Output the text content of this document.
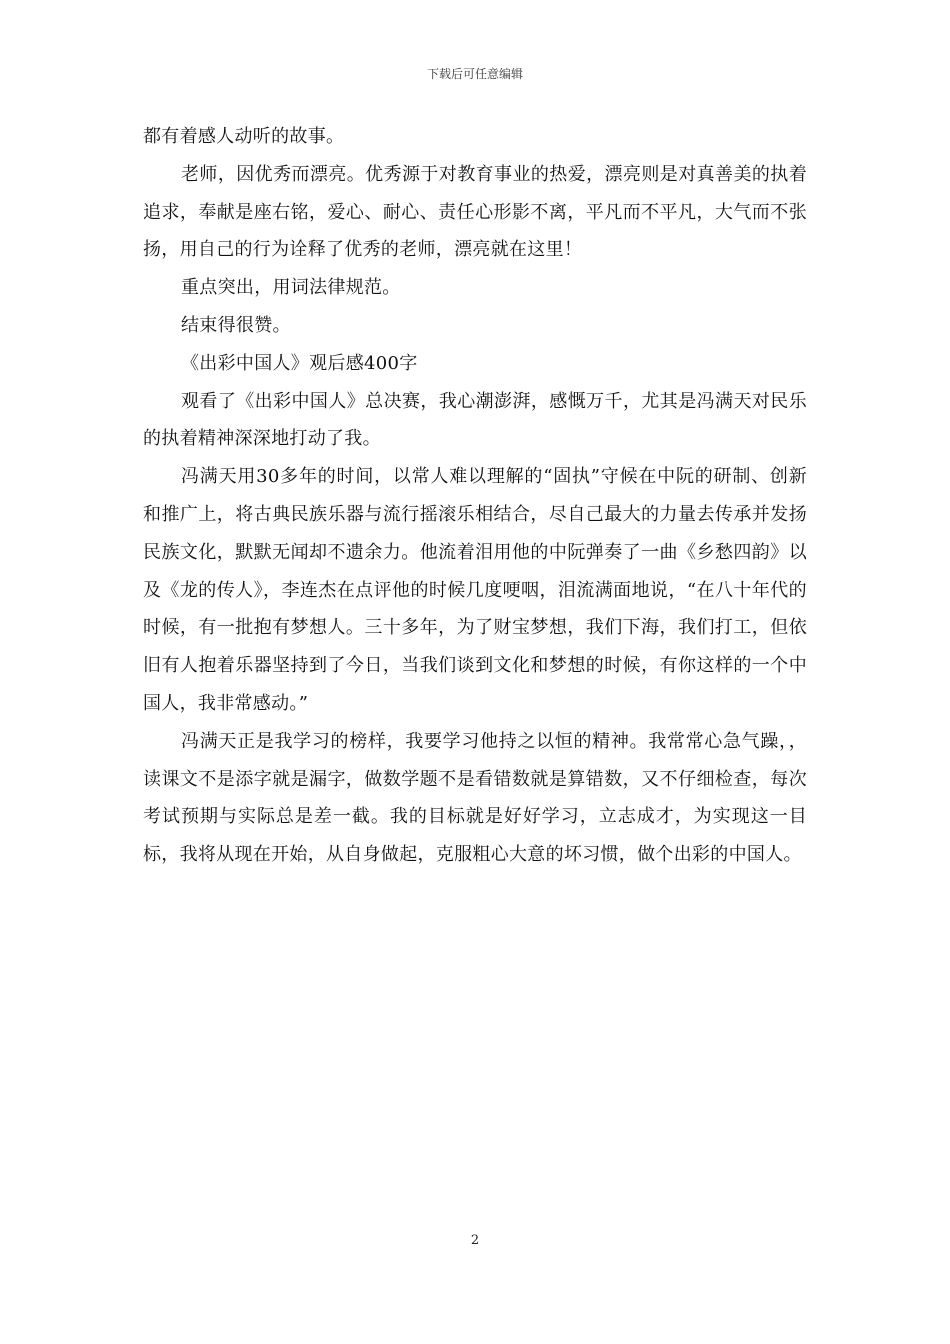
下载后可任意编辑

都有着感人动听的故事。

老师，因优秀而漂亮。优秀源于对教育事业的热爱，漂亮则是对真善美的执着追求，奉献是座右铭，爱心、耐心、责任心形影不离，平凡而不平凡，大气而不张扬，用自己的行为诠释了优秀的老师，漂亮就在这里！

重点突出，用词法律规范。

结束得很赞。

《出彩中国人》观后感400字

观看了《出彩中国人》总决赛，我心潮澎湃，感慨万千，尤其是冯满天对民乐的执着精神深深地打动了我。

冯满天用30多年的时间，以常人难以理解的“固执”守候在中阮的研制、创新和推广上，将古典民族乐器与流行摇滚乐相结合，尽自己最大的力量去传承并发扬民族文化，默默无闻却不遗余力。他流着泪用他的中阮弹奏了一曲《乡愁四韵》以及《龙的传人》，李连杰在点评他的时候几度哽咽，泪流满面地说，“在八十年代的时候，有一批抱有梦想人。三十多年，为了财宝梦想，我们下海，我们打工，但依旧有人抱着乐器坚持到了今日，当我们谈到文化和梦想的时候，有你这样的一个中国人，我非常感动。”

冯满天正是我学习的榜样，我要学习他持之以恒的精神。我常常心急气躁，，读课文不是添字就是漏字，做数学题不是看错数就是算错数，又不仔细检查，每次考试预期与实际总是差一截。我的目标就是好好学习，立志成才，为实现这一目标，我将从现在开始，从自身做起，克服粗心大意的坏习惯，做个出彩的中国人。

2
